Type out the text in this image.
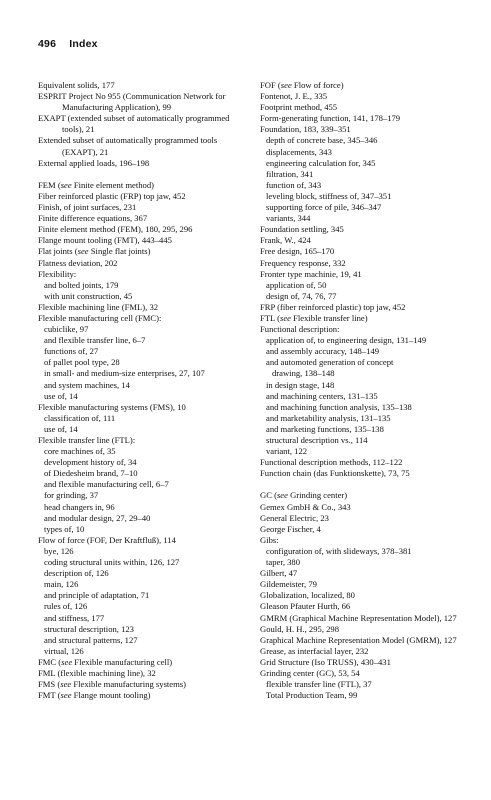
496 Index
Equivalent solids, 177
ESPRIT Project No 955 (Communication Network for Manufacturing Application), 99
EXAPT (extended subset of automatically programmed tools), 21
Extended subset of automatically programmed tools (EXAPT), 21
External applied loads, 196–198
FEM (see Finite element method)
Fiber reinforced plastic (FRP) top jaw, 452
Finish, of joint surfaces, 231
Finite difference equations, 367
Finite element method (FEM), 180, 295, 296
Flange mount tooling (FMT), 443–445
Flat joints (see Single flat joints)
Flatness deviation, 202
Flexibility:
and bolted joints, 179
with unit construction, 45
Flexible machining line (FML), 32
Flexible manufacturing cell (FMC):
cubiclike, 97
and flexible transfer line, 6–7
functions of, 27
of pallet pool type, 28
in small- and medium-size enterprises, 27, 107
and system machines, 14
use of, 14
Flexible manufacturing systems (FMS), 10
classification of, 111
use of, 14
Flexible transfer line (FTL):
core machines of, 35
development history of, 34
of Diedesheim brand, 7–10
and flexible manufacturing cell, 6–7
for grinding, 37
head changers in, 96
and modular design, 27, 29–40
types of, 10
Flow of force (FOF, Der Kraftfluß), 114
bye, 126
coding structural units within, 126, 127
description of, 126
main, 126
and principle of adaptation, 71
rules of, 126
and stiffness, 177
structural description, 123
and structural patterns, 127
virtual, 126
FMC (see Flexible manufacturing cell)
FML (flexible machining line), 32
FMS (see Flexible manufacturing systems)
FMT (see Flange mount tooling)
FOF (see Flow of force)
Fontenot, J. E., 335
Footprint method, 455
Form-generating function, 141, 178–179
Foundation, 183, 339–351
depth of concrete base, 345–346
displacements, 343
engineering calculation for, 345
filtration, 341
function of, 343
leveling block, stiffness of, 347–351
supporting force of pile, 346–347
variants, 344
Foundation settling, 345
Frank, W., 424
Free design, 165–170
Frequency response, 332
Fronter type machinie, 19, 41
application of, 50
design of, 74, 76, 77
FRP (fiber reinforced plastic) top jaw, 452
FTL (see Flexible transfer line)
Functional description:
application of, to engineering design, 131–149
and assembly accuracy, 148–149
and automoted generation of concept
drawing, 138–148
in design stage, 148
and machining centers, 131–135
and machining function analysis, 135–138
and marketability analysis, 131–135
and marketing functions, 135–138
structural description vs., 114
variant, 122
Functional description methods, 112–122
Function chain (das Funktionskette), 73, 75
GC (see Grinding center)
Gemex GmbH & Co., 343
General Electric, 23
George Fischer, 4
Gibs:
configuration of, with slideways, 378–381
taper, 380
Gilbert, 47
Gildemeister, 79
Globalization, localized, 80
Gleason Pfauter Hurth, 66
GMRM (Graphical Machine Representation Model), 127
Gould, H. H., 295, 298
Graphical Machine Representation Model (GMRM), 127
Grease, as interfacial layer, 232
Grid Structure (Iso TRUSS), 430–431
Grinding center (GC), 53, 54
flexible transfer line (FTL), 37
Total Production Team, 99
